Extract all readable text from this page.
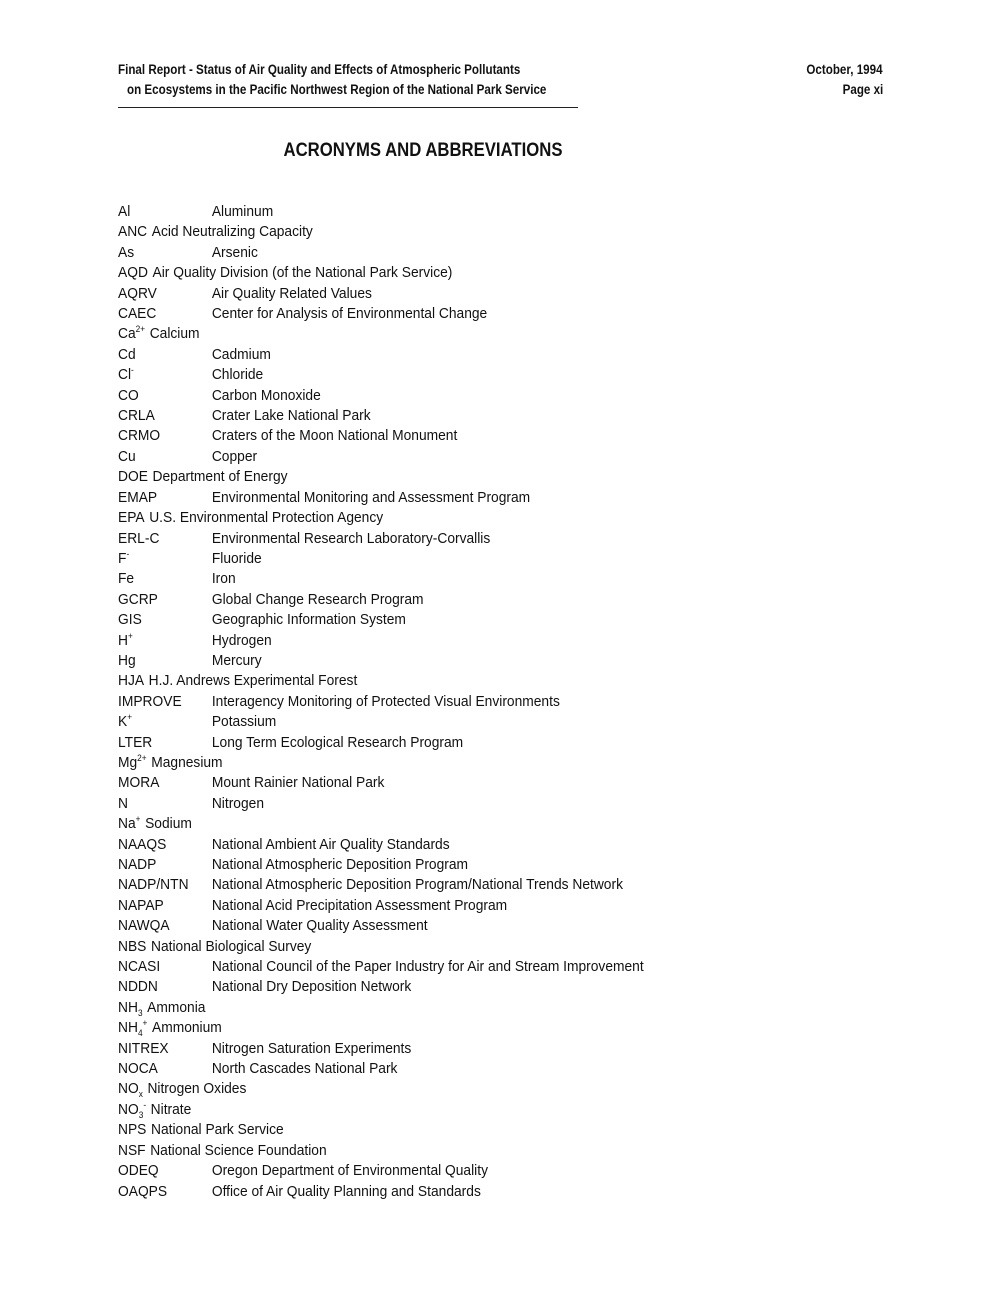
Final Report - Status of Air Quality and Effects of Atmospheric Pollutants
on Ecosystems in the Pacific Northwest Region of the National Park Service
October, 1994
Page xi
ACRONYMS AND ABBREVIATIONS
Al	Aluminum
ANC Acid Neutralizing Capacity
As	Arsenic
AQD Air Quality Division (of the National Park Service)
AQRV	Air Quality Related Values
CAEC	Center for Analysis of Environmental Change
$Ca^{2+}$ Calcium
Cd	Cadmium
Cl-	Chloride
CO	Carbon Monoxide
CRLA	Crater Lake National Park
CRMO	Craters of the Moon National Monument
Cu	Copper
DOE Department of Energy
EMAP	Environmental Monitoring and Assessment Program
EPA U.S. Environmental Protection Agency
ERL-C	Environmental Research Laboratory-Corvallis
F-	Fluoride
Fe	Iron
GCRP	Global Change Research Program
GIS	Geographic Information System
H+	Hydrogen
Hg	Mercury
HJA H.J. Andrews Experimental Forest
IMPROVE Interagency Monitoring of Protected Visual Environments
K+	Potassium
LTER	Long Term Ecological Research Program
$Mg^{2+}$ Magnesium
MORA	Mount Rainier National Park
N	Nitrogen
Na+ Sodium
NAAQS	National Ambient Air Quality Standards
NADP	National Atmospheric Deposition Program
NADP/NTN National Atmospheric Deposition Program/National Trends Network
NAPAP	National Acid Precipitation Assessment Program
NAWQA	National Water Quality Assessment
NBS National Biological Survey
NCASI	National Council of the Paper Industry for Air and Stream Improvement
NDDN	National Dry Deposition Network
$NH_3$ Ammonia
$NH_4^+$ Ammonium
NITREX	Nitrogen Saturation Experiments
NOCA	North Cascades National Park
$NO_x$ Nitrogen Oxides
$NO_3^-$ Nitrate
NPS National Park Service
NSF National Science Foundation
ODEQ	Oregon Department of Environmental Quality
OAQPS	Office of Air Quality Planning and Standards
